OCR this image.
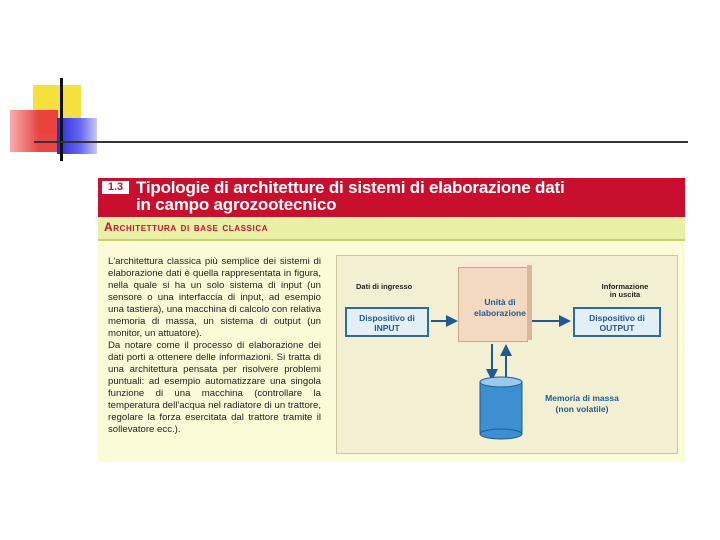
1.3 Tipologie di architetture di sistemi di elaborazione dati
in campo agrozootecnico
Architettura di base classica

L'architettura classica più semplice dei sistemi di elaborazione dati è quella rappresentata in figura, nella quale si ha un solo sistema di input (un sensore o una interfaccia di input, ad esempio una tastiera), una macchina di calcolo con relativa memoria di massa, un sistema di output (un monitor, un attuatore).

Da notare come il processo di elaborazione dei dati porti a ottenere delle informazioni. Si tratta di una architettura pensata per risolvere problemi puntuali: ad esempio automatizzare una singola funzione di una macchina (controllare la temperatura dell'acqua nel radiatore di un trattore, regolare la forza esercitata dal trattore tramite il sollevatore ecc.).

Dati di ingresso	Informazione
in uscita
Dispositivo di
INPUT
Unità di
elaborazione	Dispositivo di
OUTPUT
Memoria di massa
(non volatile)
